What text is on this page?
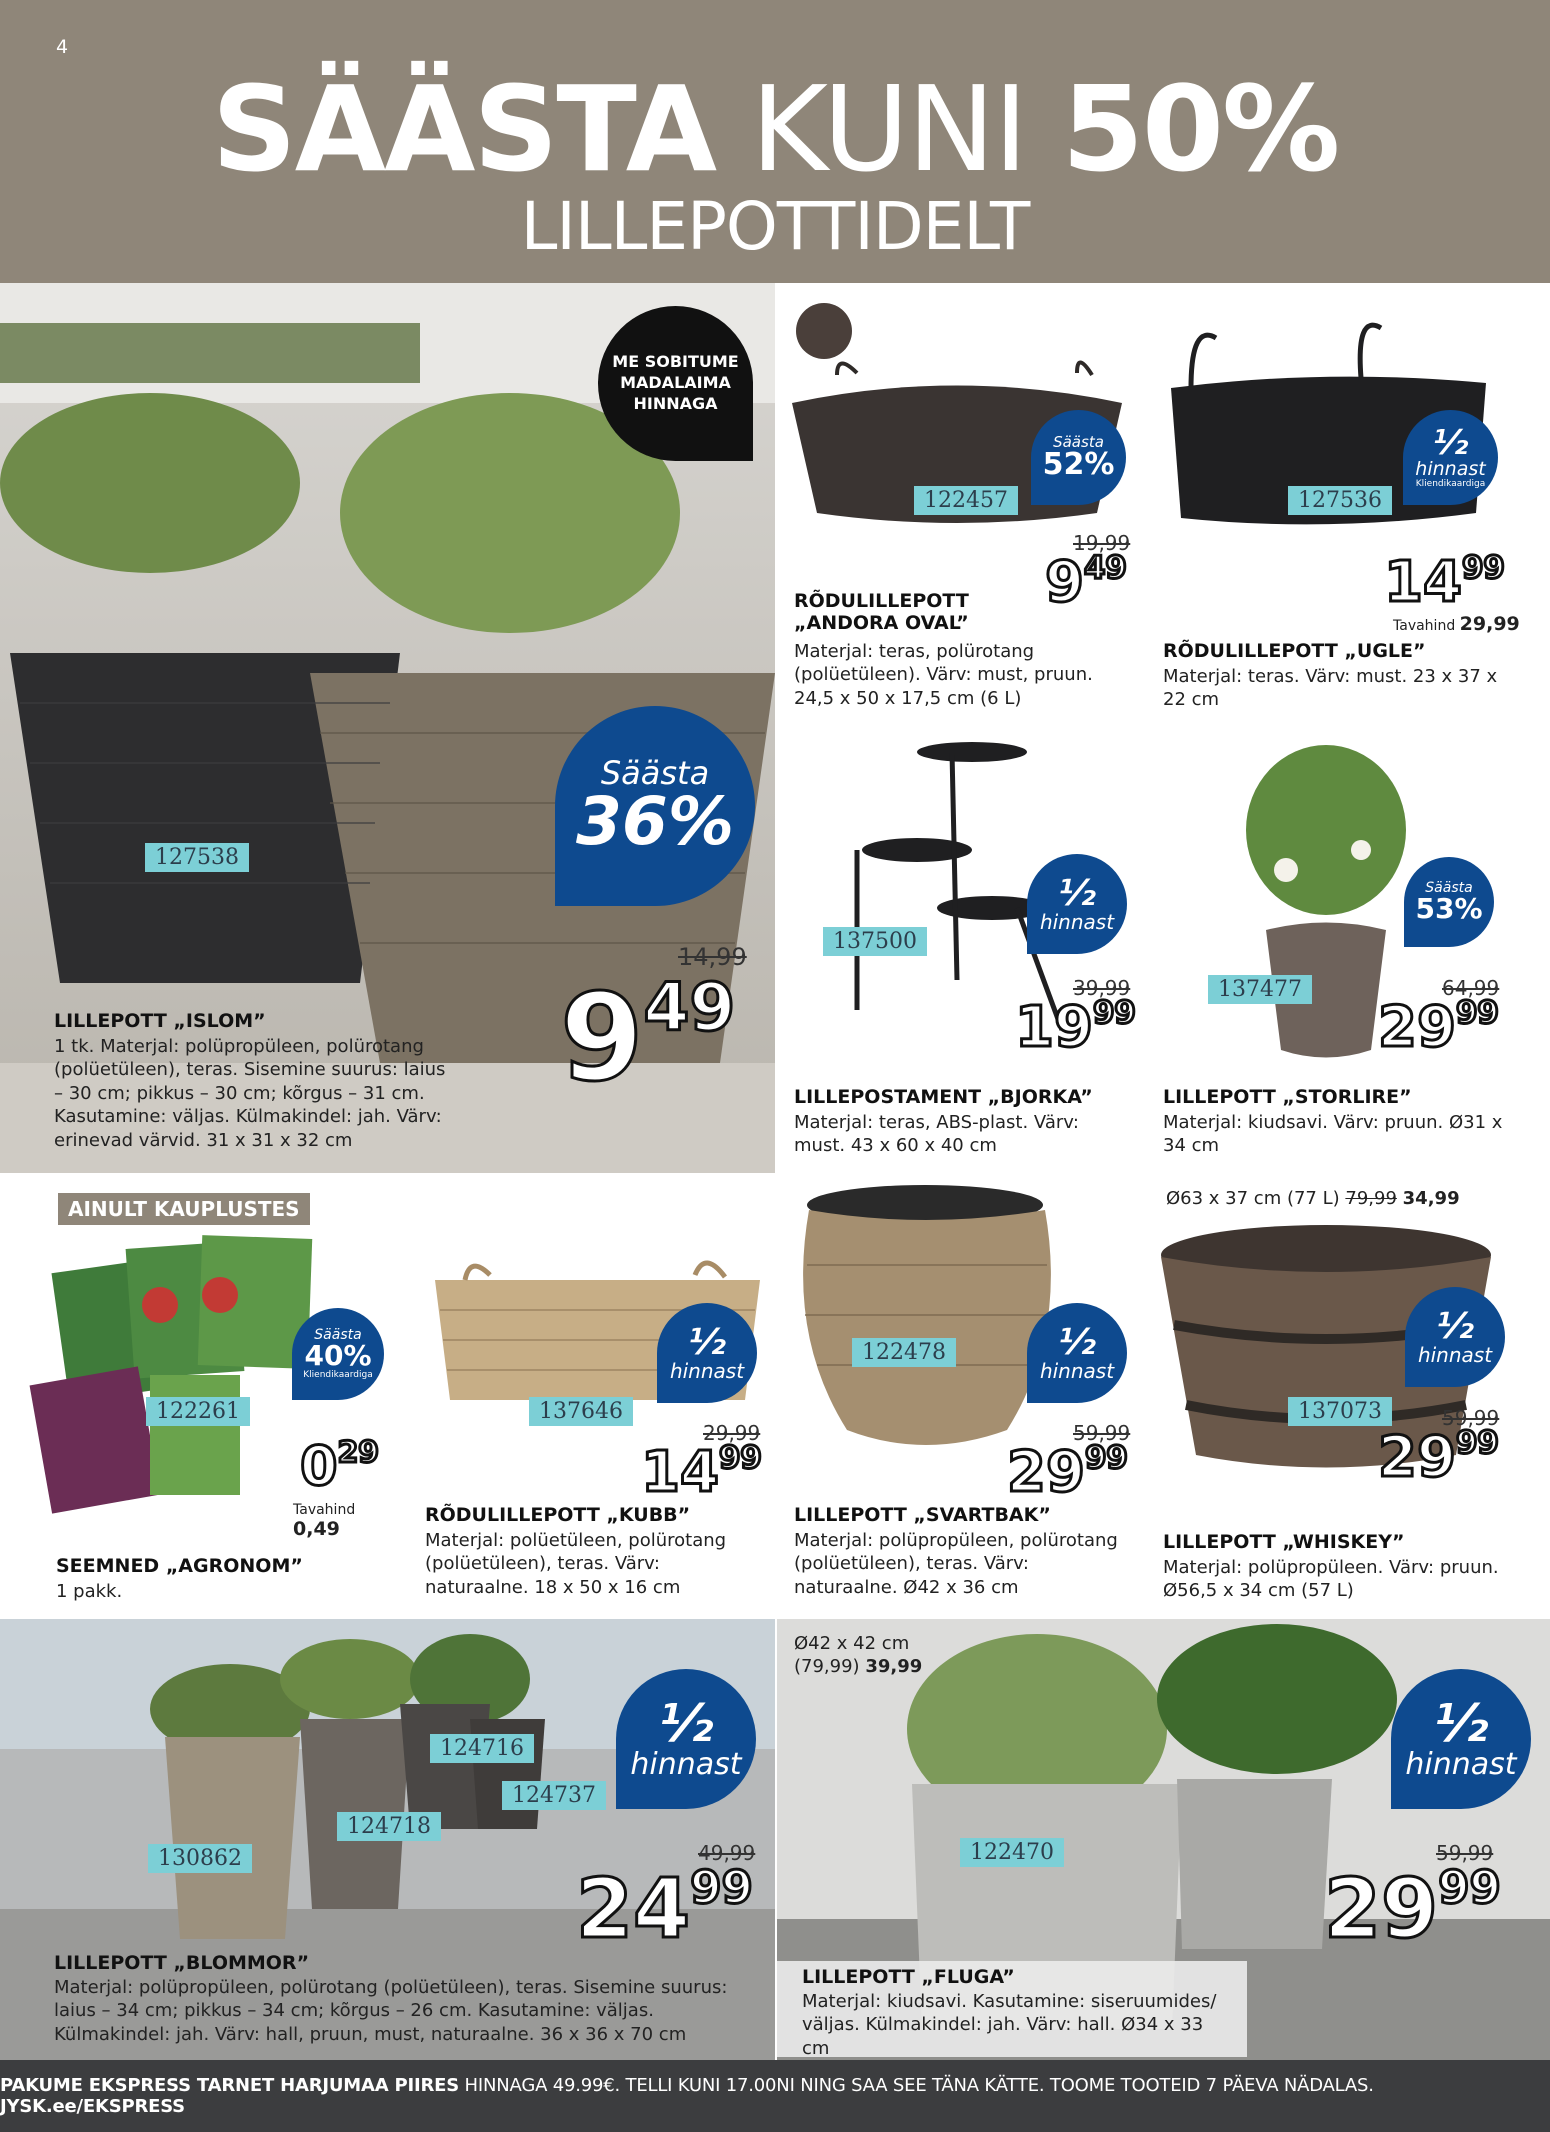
4
SÄÄSTA KUNI 50%
LILLEPOTTIDELT
ME SOBITUME MADALAIMA HINNAGA
127538
Säästa
36%
14,99
$9^{49}$
LILLEPOTT „ISLOM”
1 tk. Materjal: polüpropüleen, polürotang (polüetüleen), teras. Sisemine suurus: laius – 30 cm; pikkus – 30 cm; kõrgus – 31 cm. Kasutamine: väljas. Külmakindel: jah. Värv: erinevad värvid. 31 x 31 x 32 cm
122457
Säästa
52%
19,99
$9^{49}$
RÕDULILLEPOTT „ANDORA OVAL”
Materjal: teras, polürotang (polüetüleen). Värv: must, pruun. 24,5 x 50 x 17,5 cm (6 L)
127536
½
hinnast
Kliendikaardiga
$14^{99}$
Tavahind 29,99
RÕDULILLEPOTT „UGLE”
Materjal: teras. Värv: must. 23 x 37 x 22 cm
137500
½
hinnast
39,99
$19^{99}$
LILLEPOSTAMENT „BJORKA”
Materjal: teras, ABS-plast. Värv: must. 43 x 60 x 40 cm
137477
Säästa
53%
64,99
$29^{99}$
LILLEPOTT „STORLIRE”
Materjal: kiudsavi. Värv: pruun. Ø31 x 34 cm
AINULT KAUPLUSTES
122261
Säästa
40%
Kliendikaardiga
$0^{29}$
Tavahind 0,49
SEEMNED „AGRONOM”
1 pakk.
137646
½
hinnast
29,99
$14^{99}$
RÕDULILLEPOTT „KUBB”
Materjal: polüetüleen, polürotang (polüetüleen), teras. Värv: naturaalne. 18 x 50 x 16 cm
122478	½
hinnast
59,99
$29^{99}$
LILLEPOTT „SVARTBAK”
Materjal: polüpropüleen, polürotang (polüetüleen), teras. Värv: naturaalne. Ø42 x 36 cm
Ø63 x 37 cm (77 L) 79,99 34,99
137073
½
hinnast
59,99
$29^{99}$
LILLEPOTT „WHISKEY”
Materjal: polüpropüleen. Värv: pruun. Ø56,5 x 34 cm (57 L)
124716
124737
124718
130862
½
hinnast
49,99
$24^{99}$
LILLEPOTT „BLOMMOR”
Materjal: polüpropüleen, polürotang (polüetüleen), teras. Sisemine suurus: laius – 34 cm; pikkus – 34 cm; kõrgus – 26 cm. Kasutamine: väljas. Külmakindel: jah. Värv: hall, pruun, must, naturaalne. 36 x 36 x 70 cm
Ø42 x 42 cm
(79,99) 39,99
122470
½
hinnast
59,99
$29^{99}$
LILLEPOTT „FLUGA”
Materjal: kiudsavi. Kasutamine: siseruumides/ väljas. Külmakindel: jah. Värv: hall. Ø34 x 33 cm
PAKUME EKSPRESS TARNET HARJUMAA PIIRES HINNAGA 49.99€. TELLI KUNI 17.00NI NING SAA SEE TÄNA KÄTTE. TOOME TOOTEID 7 PÄEVA NÄDALAS. JYSK.ee/EKSPRESS
